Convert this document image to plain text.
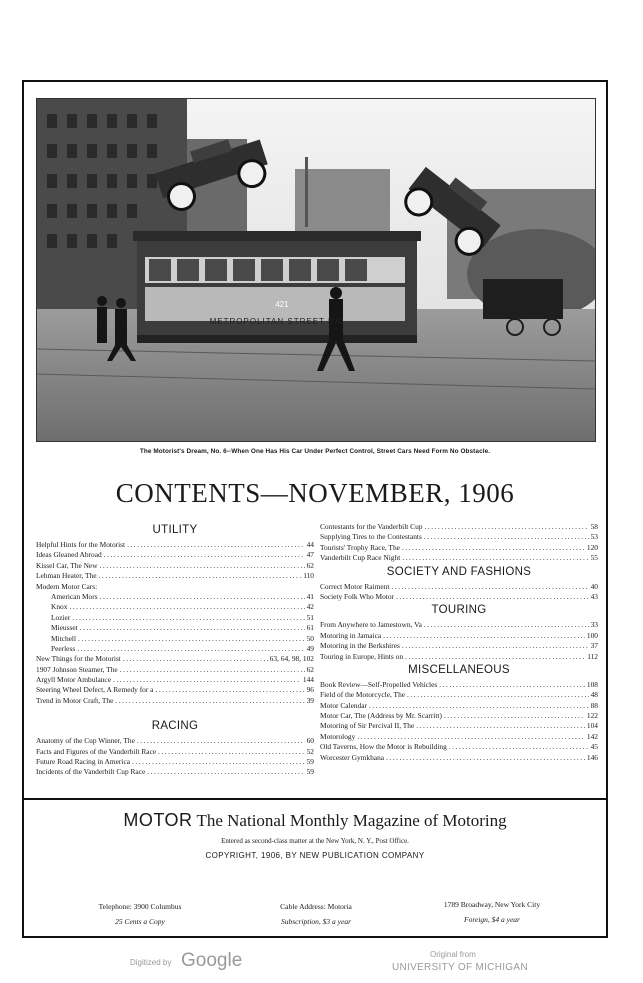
421
METROPOLITAN STREET RAI
The Motorist's Dream, No. 6--When One Has His Car Under Perfect Control, Street Cars Need Form No Obstacle.
CONTENTS—NOVEMBER, 1906
UTILITY
Helpful Hints for the Motorist .....	44
Ideas Gleaned Abroad .....	47
Kissel Car, The New .....	62
Lehman Heater, The .....	110
Modern Motor Cars:
American Mors .....	41
Knox .....	42
Lozier .....	51
Mieusset .....	61
Mitchell .....	50
Peerless .....	49
New Things for the Motorist .....	63, 64, 98, 102
1907 Johnson Steamer, The .....	62
Argyll Motor Ambulance .....	144
Steering Wheel Defect, A Remedy for a .....	96
Trend in Motor Craft, The .....	39
RACING
Anatomy of the Cup Winner, The .....	60
Facts and Figures of the Vanderbilt Race .....	52
Future Road Racing in America .....	59
Incidents of the Vanderbilt Cup Race .....	59
Contestants for the Vanderbilt Cup .....	58
Supplying Tires to the Contestants .....	53
Tourists' Trophy Race, The .....	120
Vanderbilt Cup Race Night .....	55
SOCIETY AND FASHIONS
Correct Motor Raiment .....	40
Society Folk Who Motor .....	43
TOURING
From Anywhere to Jamestown, Va .....	33
Motoring in Jamaica .....	100
Motoring in the Berkshires .....	37
Touring in Europe, Hints on .....	112
MISCELLANEOUS
Book Review—Self-Propelled Vehicles .....	108
Field of the Motorcycle, The .....	48
Motor Calendar .....	88
Motor Car, The (Address by Mr. Scarritt) .....	122
Motoring of Sir Percival II, The .....	104
Motorology .....	142
Old Taverns, How the Motor is Rebuilding .....	45
Worcester Gymkhana .....	146
MOTOR The National Monthly Magazine of Motoring
Entered as second-class matter at the New York, N. Y., Post Office.
COPYRIGHT, 1906, BY NEW PUBLICATION COMPANY
Telephone: 3900 Columbus
25 Cents a Copy
Cable Address: Motoria
Subscription, $3 a year
1789 Broadway, New York City
Foreign, $4 a year
Digitized by Google	Original from
UNIVERSITY OF MICHIGAN
